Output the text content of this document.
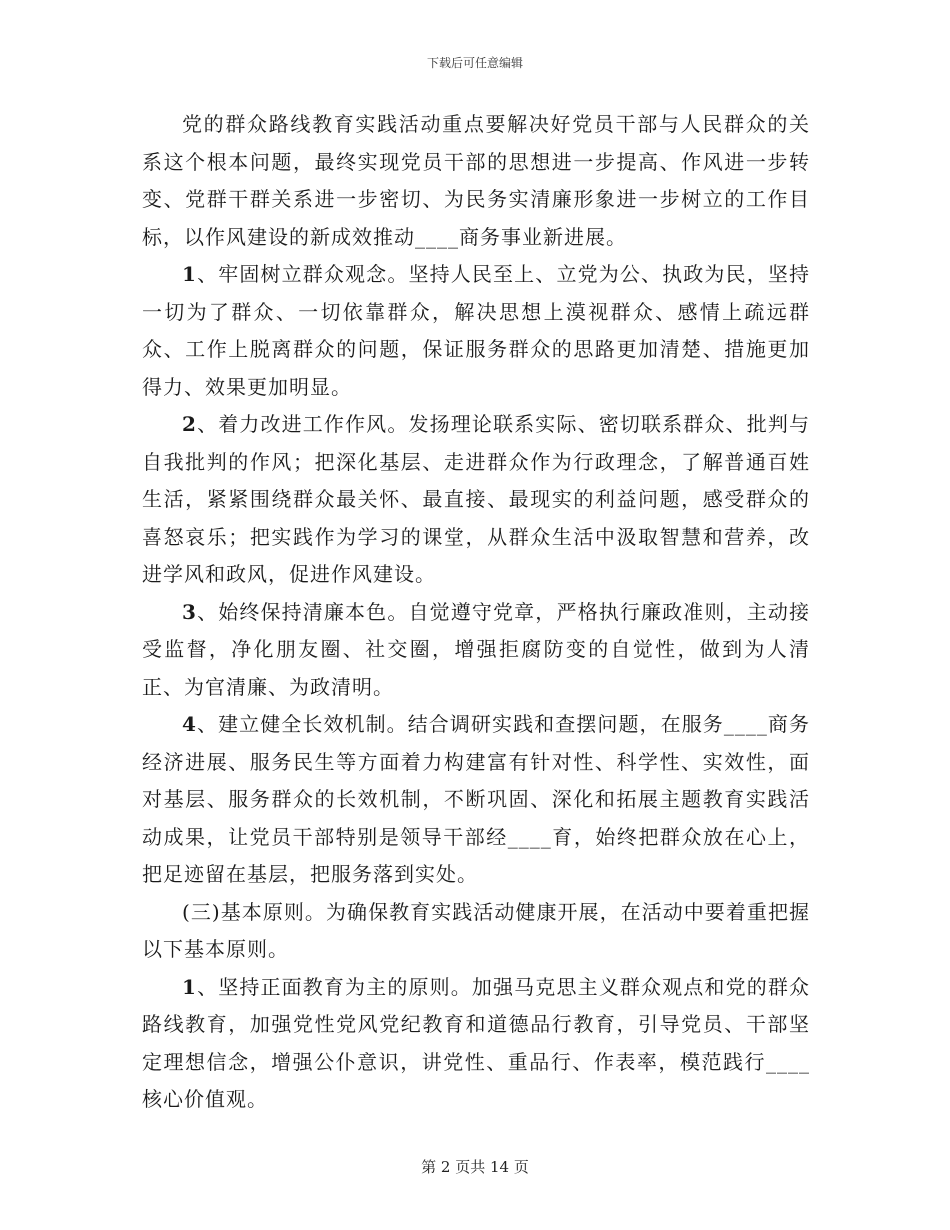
下载后可任意编辑

党的群众路线教育实践活动重点要解决好党员干部与人民群众的关系这个根本问题，最终实现党员干部的思想进一步提高、作风进一步转变、党群干群关系进一步密切、为民务实清廉形象进一步树立的工作目标，以作风建设的新成效推动____商务事业新进展。

1、牢固树立群众观念。坚持人民至上、立党为公、执政为民，坚持一切为了群众、一切依靠群众，解决思想上漠视群众、感情上疏远群众、工作上脱离群众的问题，保证服务群众的思路更加清楚、措施更加得力、效果更加明显。

2、着力改进工作作风。发扬理论联系实际、密切联系群众、批判与自我批判的作风；把深化基层、走进群众作为行政理念，了解普通百姓生活，紧紧围绕群众最关怀、最直接、最现实的利益问题，感受群众的喜怒哀乐；把实践作为学习的课堂，从群众生活中汲取智慧和营养，改进学风和政风，促进作风建设。

3、始终保持清廉本色。自觉遵守党章，严格执行廉政准则，主动接受监督，净化朋友圈、社交圈，增强拒腐防变的自觉性，做到为人清正、为官清廉、为政清明。

4、建立健全长效机制。结合调研实践和查摆问题，在服务____商务经济进展、服务民生等方面着力构建富有针对性、科学性、实效性，面对基层、服务群众的长效机制，不断巩固、深化和拓展主题教育实践活动成果，让党员干部特别是领导干部经____育，始终把群众放在心上，把足迹留在基层，把服务落到实处。

(三)基本原则。为确保教育实践活动健康开展，在活动中要着重把握以下基本原则。

1、坚持正面教育为主的原则。加强马克思主义群众观点和党的群众路线教育，加强党性党风党纪教育和道德品行教育，引导党员、干部坚定理想信念，增强公仆意识，讲党性、重品行、作表率，模范践行____核心价值观。

第 2 页共 14 页
